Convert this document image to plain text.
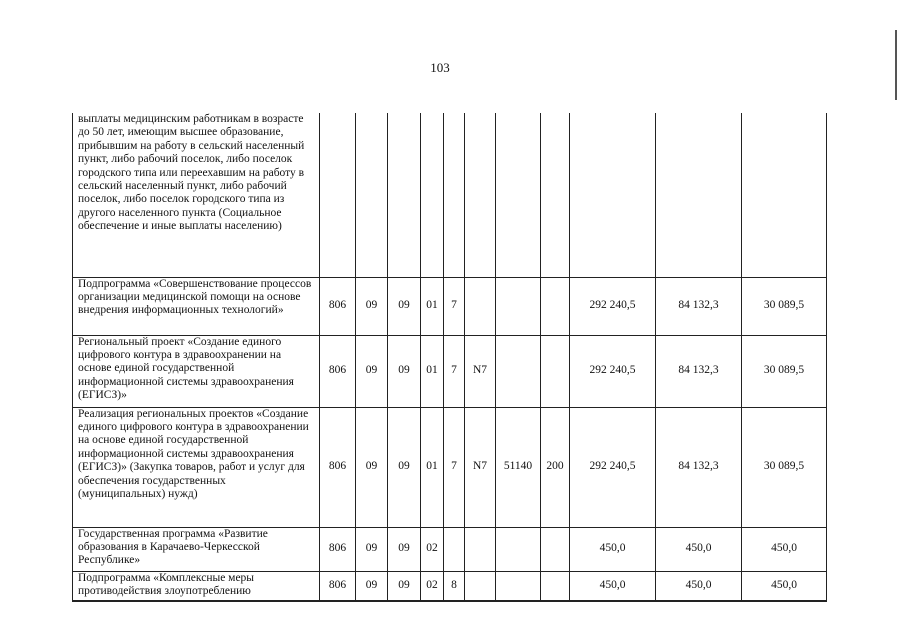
103
выплаты медицинским работникам в возрасте до 50 лет, имеющим высшее образование, прибывшим на работу в сельский населенный пункт, либо рабочий поселок, либо поселок городского типа или переехавшим на работу в сельский населенный пункт, либо рабочий поселок, либо поселок городского типа из другого населенного пункта (Социальное обеспечение и иные выплаты населению)											
Подпрограмма «Совершенствование процессов организации медицинской помощи на основе внедрения информационных технологий»	806	09	09	01	7				292 240,5	84 132,3	30 089,5
Региональный проект «Создание единого цифрового контура в здравоохранении на основе единой государственной информационной системы здравоохранения (ЕГИСЗ)»	806	09	09	01	7	N7			292 240,5	84 132,3	30 089,5
Реализация региональных проектов «Создание единого цифрового контура в здравоохранении на основе единой государственной информационной системы здравоохранения (ЕГИСЗ)» (Закупка товаров, работ и услуг для обеспечения государственных (муниципальных) нужд)	806	09	09	01	7	N7	51140	200	292 240,5	84 132,3	30 089,5
Государственная программа «Развитие образования в Карачаево-Черкесской Республике»	806	09	09	02					450,0	450,0	450,0
Подпрограмма «Комплексные меры противодействия злоупотреблению	806	09	09	02	8				450,0	450,0	450,0
